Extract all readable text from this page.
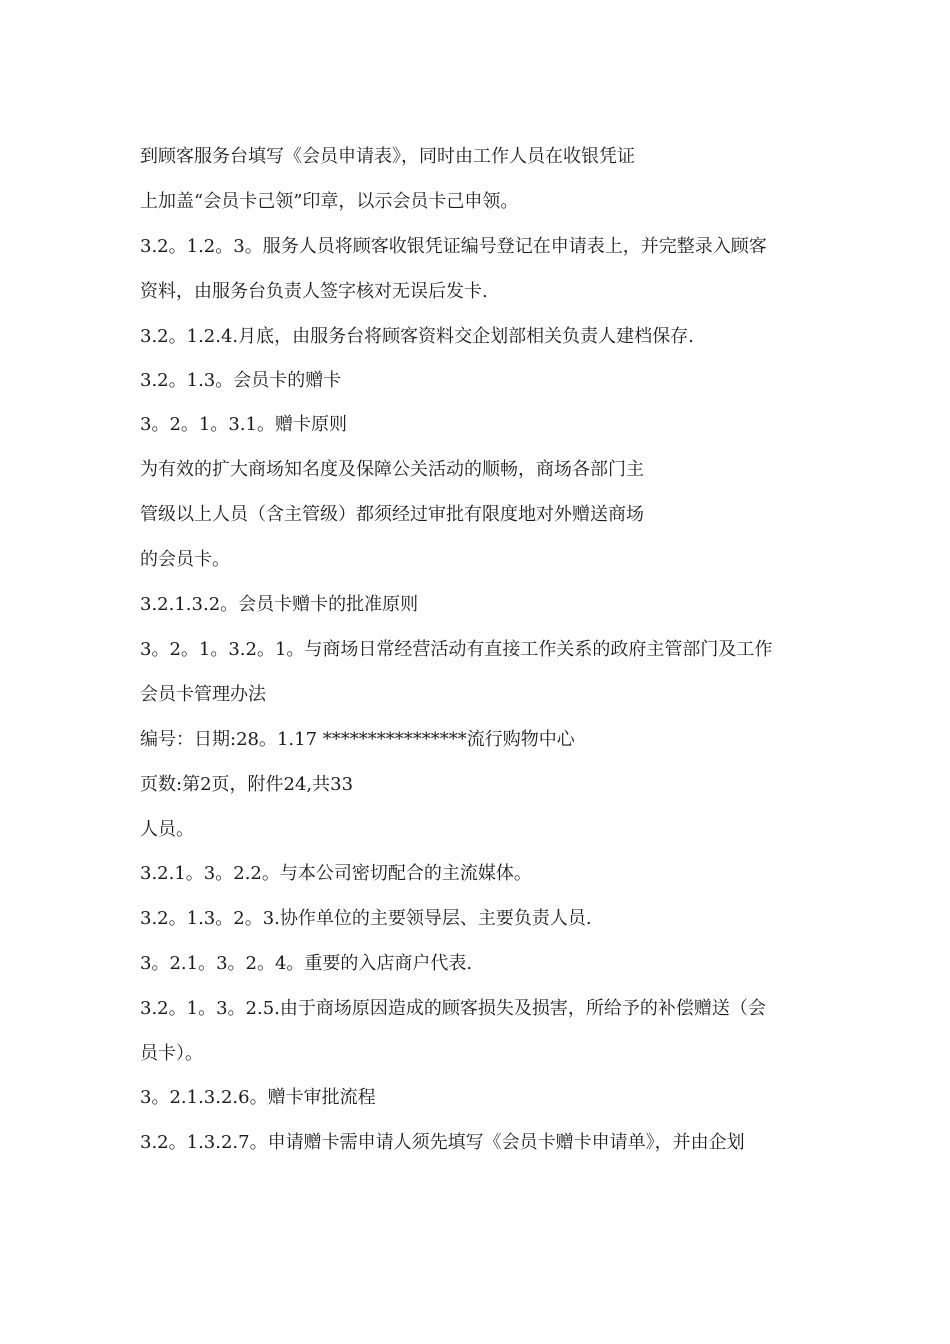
到顾客服务台填写《会员申请表》，同时由工作人员在收银凭证

上加盖“会员卡己领”印章，以示会员卡己申领。

3.2。1.2。3。服务人员将顾客收银凭证编号登记在申请表上，并完整录入顾客

资料，由服务台负责人签字核对无误后发卡.

3.2。1.2.4.月底，由服务台将顾客资料交企划部相关负责人建档保存.

3.2。1.3。会员卡的赠卡

3。2。1。3.1。赠卡原则

为有效的扩大商场知名度及保障公关活动的顺畅，商场各部门主

管级以上人员（含主管级）都须经过审批有限度地对外赠送商场

的会员卡。

3.2.1.3.2。会员卡赠卡的批准原则

3。2。1。3.2。1。与商场日常经营活动有直接工作关系的政府主管部门及工作

会员卡管理办法

编号：日期:28。1.17 ****************流行购物中心

页数:第2页，附件24,共33

人员。

3.2.1。3。2.2。与本公司密切配合的主流媒体。

3.2。1.3。2。3.协作单位的主要领导层、主要负责人员.

3。2.1。3。2。4。重要的入店商户代表.

3.2。1。3。2.5.由于商场原因造成的顾客损失及损害，所给予的补偿赠送（会

员卡）。

3。2.1.3.2.6。赠卡审批流程

3.2。1.3.2.7。申请赠卡需申请人须先填写《会员卡赠卡申请单》，并由企划
